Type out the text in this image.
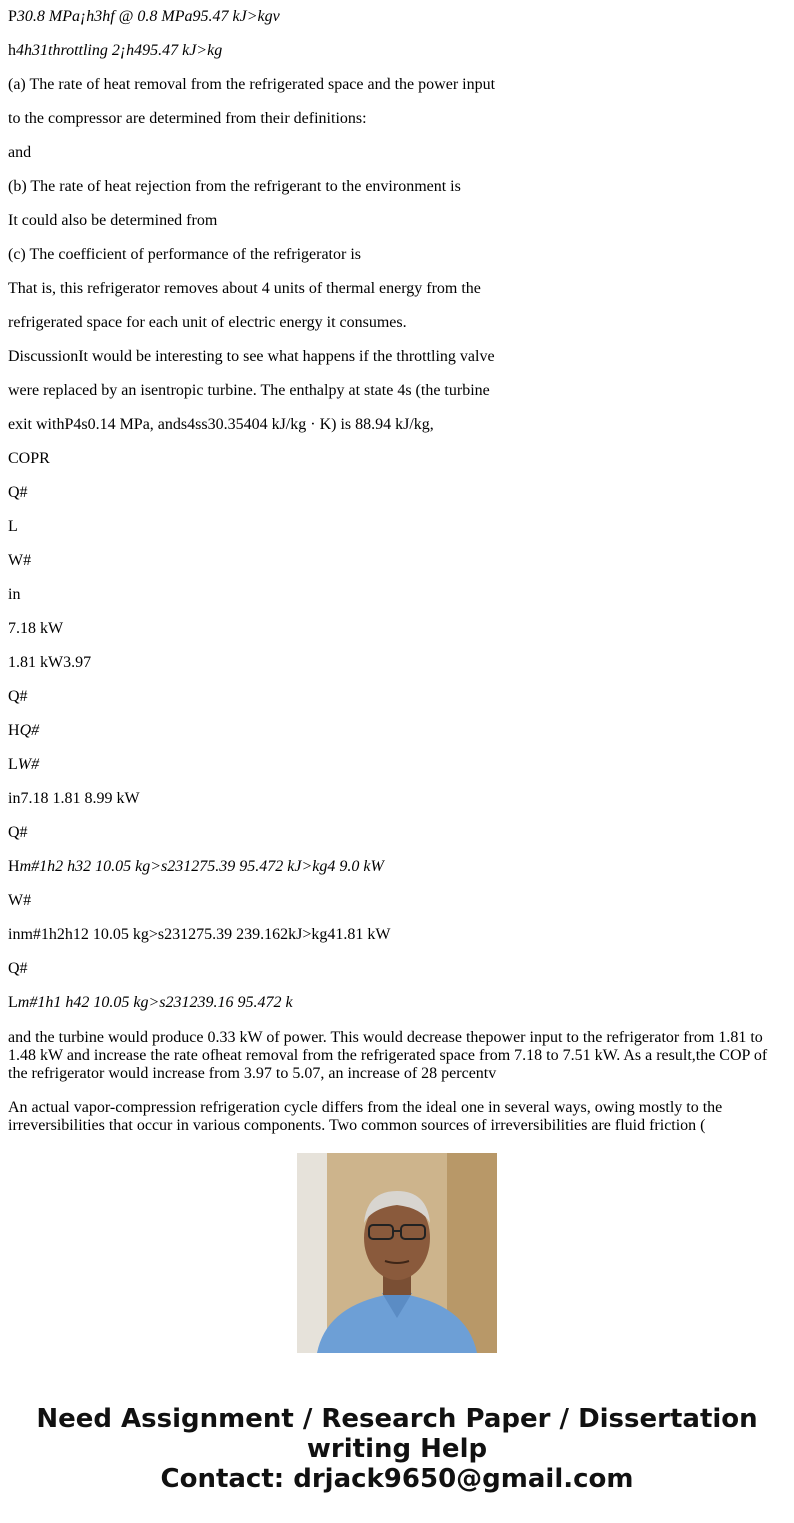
P30.8 MPa¡h3hf @ 0.8 MPa95.47 kJ>kgv
h4h31throttling 2¡h495.47 kJ>kg
(a) The rate of heat removal from the refrigerated space and the power input
to the compressor are determined from their definitions:
and
(b) The rate of heat rejection from the refrigerant to the environment is
It could also be determined from
(c) The coefficient of performance of the refrigerator is
That is, this refrigerator removes about 4 units of thermal energy from the
refrigerated space for each unit of electric energy it consumes.
DiscussionIt would be interesting to see what happens if the throttling valve
were replaced by an isentropic turbine. The enthalpy at state 4s (the turbine
exit withP4s0.14 MPa, ands4ss30.35404 kJ/kg · K) is 88.94 kJ/kg,
COPR
Q#
L
W#
in
7.18 kW
1.81 kW3.97
Q#
HQ#
LW#
in7.18 1.81 8.99 kW
Q#
Hm#1h2 h32 10.05 kg>s231275.39 95.472 kJ>kg4 9.0 kW
W#
inm#1h2h12 10.05 kg>s231275.39 239.162kJ>kg41.81 kW
Q#
Lm#1h1 h42 10.05 kg>s231239.16 95.472 k

and the turbine would produce 0.33 kW of power. This would decrease thepower input to the refrigerator from 1.81 to 1.48 kW and increase the rate ofheat removal from the refrigerated space from 7.18 to 7.51 kW. As a result,the COP of the refrigerator would increase from 3.97 to 5.07, an increase of 28 percentv

An actual vapor-compression refrigeration cycle differs from the ideal one in several ways, owing mostly to the irreversibilities that occur in various components. Two common sources of irreversibilities are fluid friction (

Need Assignment / Research Paper / Dissertation
writing Help
Contact: drjack9650@gmail.com
